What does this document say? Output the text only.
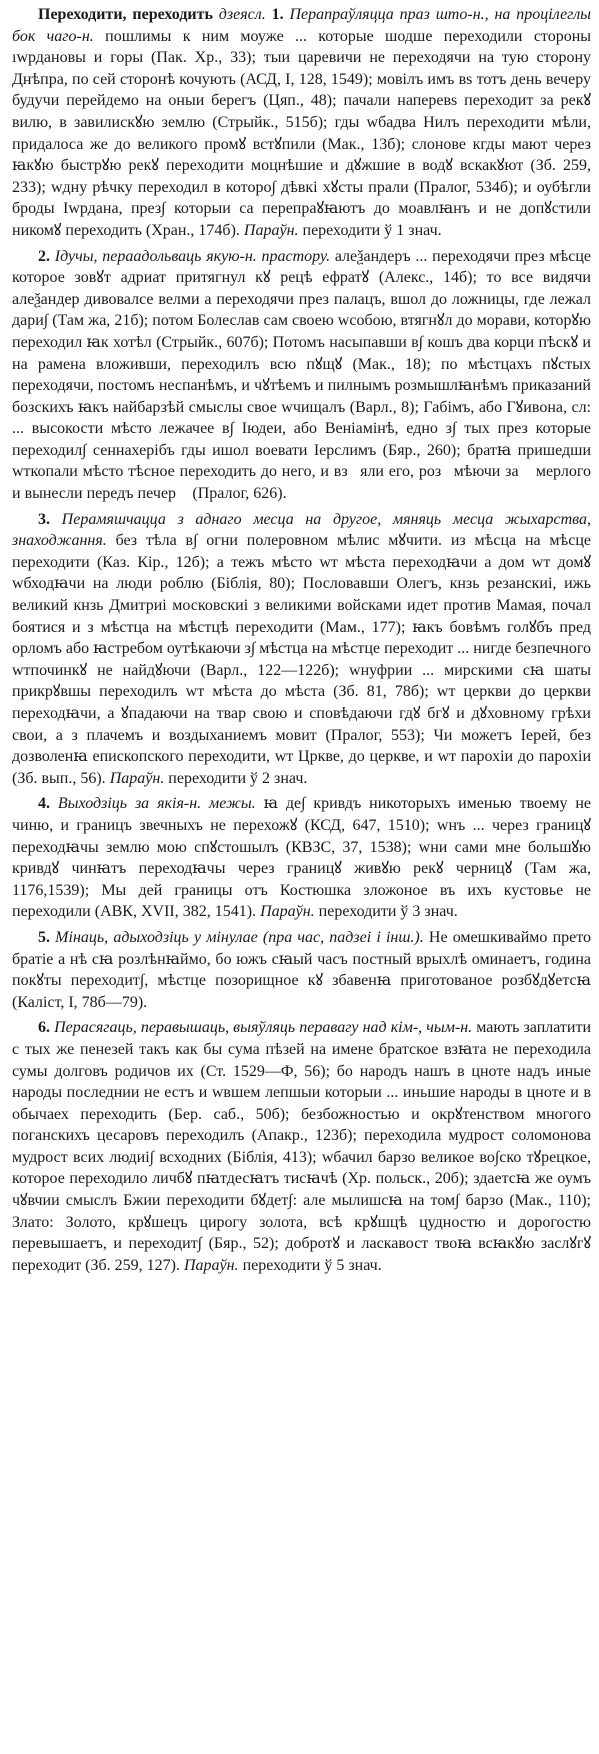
Переходити, переходить дзеясл. 1. Перапраўляцца праз што-н., на процілеглы бок чаго-н. пошлимы к ним моуже ... которые шодше переходили стороны ıwрдановы и горы (Пак. Хр., 33); тыи царевичи не переходячи на тую сторону Днѣпра, по сей сторонѣ кочують (АСД, I, 128, 1549); мовілъ имъ вs тотъ день вечеру будучи перейдемо на оныи берегъ (Цяп., 48); пачали наперевs переходит за рекꙋ вилю, в завилискꙋю землю (Стрыйк., 515б); гды wбадва Нилъ переходити мѣли, придалоса же до великого промꙋ встꙋпили (Мак., 13б); слонове кгды мают через ꙗкꙋю быстрꙋю рекꙋ переходити моцнѣшие и дꙋжшие в водꙋ вскакꙋют (Зб. 259, 233); wдну рѣчку переходил в которо∫ дѣвкі хꙋсты прали (Пралог, 534б); и оубѣгли броды Іwрдана, през∫ которыи са перепраꙋꙗютъ до моавлꙗнъ и не допꙋстили никомꙋ переходить (Хран., 174б). Параўн. переходити ў 1 знач.

2. Ідучы, пераадольваць якую-н. прастору. алеѯандеръ ... переходячи през мѣсце которое зовꙋт адриат притягнул кꙋ рецѣ ефратꙋ (Алекс., 14б); то все видячи алеѯандер дивовалсе велми а переходячи през палацъ, вшол до ложницы, где лежал дари∫ (Там жа, 21б); потом Болеслав сам своею wсобою, втягнꙋл до морави, которꙋю переходил ꙗк хотѣл (Стрыйк., 607б); Потомъ насыпавши в∫ кошъ два корци пѣскꙋ и на рамена вложивши, переходилъ всю пꙋщꙋ (Мак., 18); по мѣстцахъ пꙋстых переходячи, постомъ неспанѣмъ, и чꙋтѣемъ и пилнымъ розмышлꙗнѣмъ приказаний бозскихъ ꙗкъ найбарзѣй смыслы свое wчищалъ (Варл., 8); Габімъ, або Гꙋивона, сл: ... высокости мѣсто лежачее в∫ Іюдеи, або Веніамінѣ, едно з∫ тых през которые переходил∫ сеннахерібъ гды ишол воевати Іерслимъ (Бяр., 260); братꙗ пришедши wткопали мѣсто тѣсное переходить до него, и вз꙼яли его, розꙋмѣючи за ꙋмерлого и вынесли передъ печерꙋ (Пралог, 626).

3. Перамяшчацца з аднаго месца на другое, мяняць месца жыхарства, знаходжання. без тѣла в∫ огни полеровном мѣлис мꙋчити. из мѣсца на мѣсце переходити (Каз. Кір., 12б); а тежъ мѣсто wт мѣста переходꙗчи а дом wт домꙋ wбходꙗчи на люди роблю (Біблія, 80); Пословавши Олегъ, кнзь резанскиі, ижь великий кнзь Дмитриі московскиі з великими войсками идет против Мамая, почал боятися и з мѣстца на мѣстцѣ переходити (Мам., 177); ꙗкъ бовѣмъ голꙋбъ пред орломъ або ꙗстребом оутѣкаючи з∫ мѣстца на мѣстце переходит ... нигде безпечного wтпочинкꙋ не найдꙋючи (Варл., 122—122б); wнуфрии ... мирскими сꙗ шаты прикрꙋвшы переходилъ wт мѣста до мѣста (Зб. 81, 78б); wт церкви до церкви переходꙗчи, а ꙋпадаючи на твар свою и сповѣдаючи гдꙋ бгꙋ и дꙋховному грѣхи свои, а з плачемъ и воздыханиемъ мовит (Пралог, 553); Чи можетъ Іерей, без дозволенꙗ епископского переходити, wт Цркве, до церкве, и wт парохіи до парохіи (Зб. вып., 56). Параўн. переходити ў 2 знач.

4. Выходзіць за якія-н. межы. ꙗ де∫ кривдъ никоторыхъ именью твоему не чиню, и границъ звечныхъ не перехожꙋ (КСД, 647, 1510); wнъ ... через границꙋ переходꙗчы землю мою спꙋстошылъ (КВЗС, 37, 1538); wни сами мне большꙋю кривдꙋ чинꙗтъ переходꙗчы через границꙋ живꙋю рекꙋ черницꙋ (Там жа, 1176,1539); Мы дей границы отъ Костюшка зложоное въ ихъ кустовье не переходили (АВК, XVII, 382, 1541). Параўн. переходити ў 3 знач.

5. Мінаць, адыходзіць у мінулае (пра час, падзеі і інш.). Не омешкиваймо прето братіе а нѣ сꙗ розлѣнꙗймо, бо южъ сꙗый часъ постный врыхлѣ оминаетъ, година покꙋты переходит∫, мѣстце позорищное кꙋ збавенꙗ приготованое розбꙋдꙋетсꙗ (Каліст, I, 78б—79).

6. Перасягаць, перавышаць, выяўляць перавагу над кім-, чым-н. мають заплатити с тых же пенезей такъ как бы сума пѣзей на имене братское взꙗта не переходила сумы долговъ родичов их (Ст. 1529—Ф, 56); бо народъ нашъ в цноте надъ иные народы последнии не естъ и wвшем лепшыи которыи ... иньшие народы в цноте и в обычаех переходить (Бер. саб., 50б); безбожностью и окрꙋтенством многого поганскихъ цесаровъ переходилъ (Апакр., 123б); переходила мудрост соломонова мудрост всих людиі∫ всходних (Біблія, 413); wбачил барзо великое во∫ско тꙋрецкое, которое переходило личбꙋ пꙗтдесꙗтъ тисꙗчѣ (Хр. польск., 20б); здаетсꙗ же оумъ чꙋвчии смыслъ Бжии переходити бꙋдет∫: але мылишсꙗ на том∫ барзо (Мак., 110); Злато: Золото, крꙋшецъ цирогу золота, всѣ крꙋшцѣ цудностю и дорогостю перевышаетъ, и переходит∫ (Бяр., 52); добротꙋ и ласкавост твоꙗ всꙗкꙋю заслꙋгꙋ переходит (Зб. 259, 127). Параўн. переходити ў 5 знач.
